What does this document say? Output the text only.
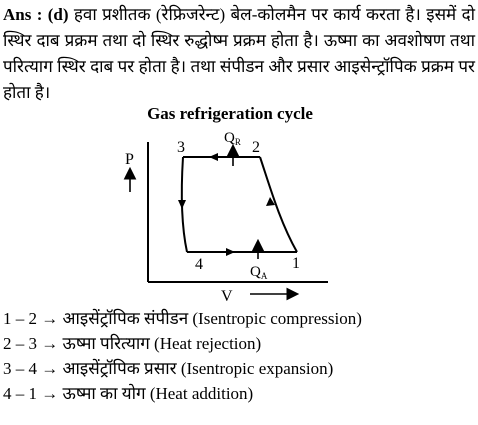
Ans : (d) हवा प्रशीतक (रेफ्रिजरेन्ट) बेल-कोलमैन पर कार्य करता है। इसमें दो स्थिर दाब प्रक्रम तथा दो स्थिर रुद्धोष्म प्रक्रम होता है। ऊष्मा का अवशोषण तथा परित्याग स्थिर दाब पर होता है। तथा संपीडन और प्रसार आइसेन्ट्रॉपिक प्रक्रम पर होता है।
Gas refrigeration cycle
P
V
1
2
3
4
$Q_R$
$Q_A$
1 – 2 → आइसेंट्रॉपिक संपीडन (Isentropic compression)
2 – 3 → ऊष्मा परित्याग (Heat rejection)
3 – 4 → आइसेंट्रॉपिक प्रसार (Isentropic expansion)
4 – 1 → ऊष्मा का योग (Heat addition)
